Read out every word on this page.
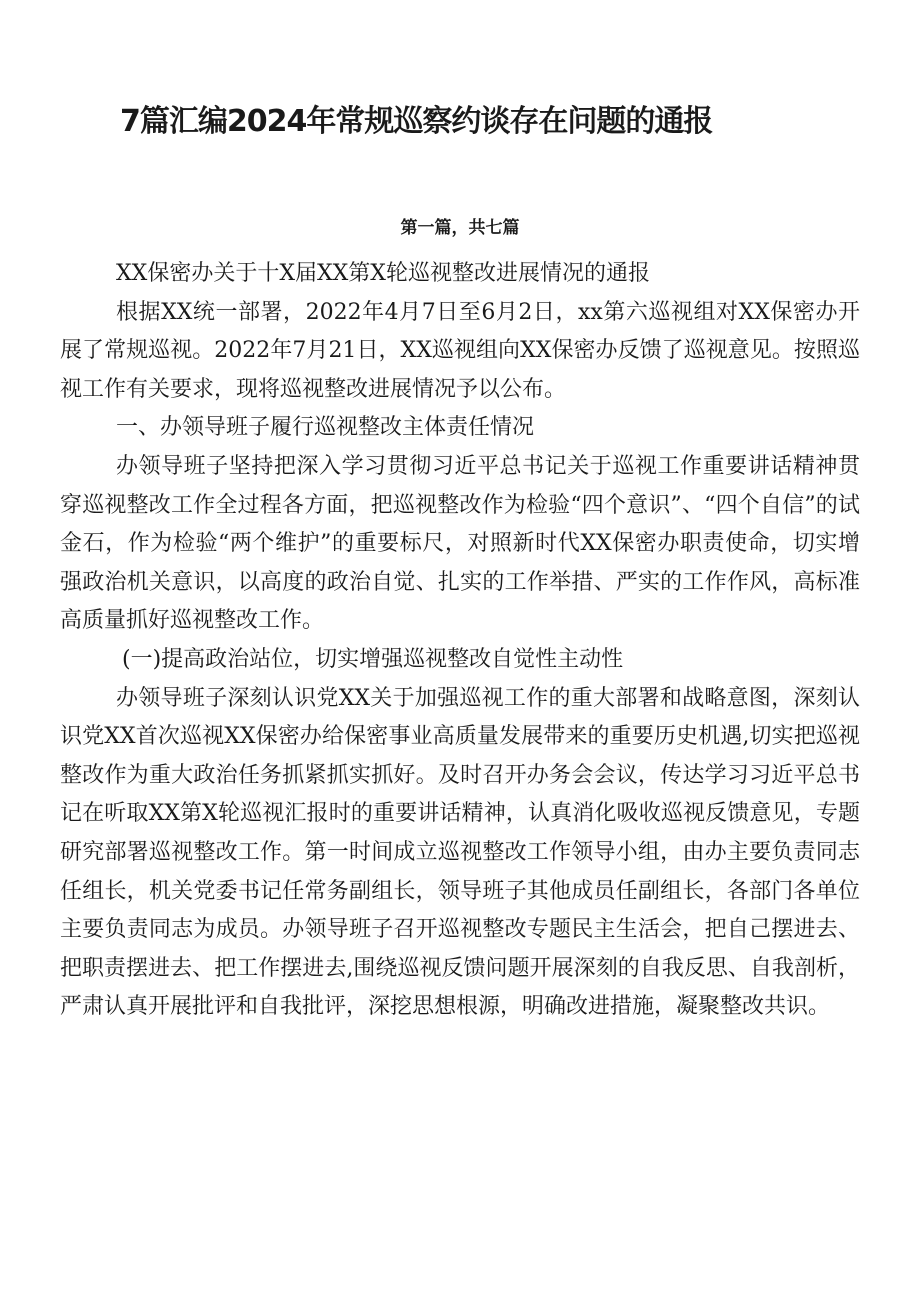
7篇汇编2024年常规巡察约谈存在问题的通报
第一篇，共七篇

XX保密办关于十X届XX第X轮巡视整改进展情况的通报

根据XX统一部署，2022年4月7日至6月2日，xx第六巡视组对XX保密办开展了常规巡视。2022年7月21日，XX巡视组向XX保密办反馈了巡视意见。按照巡视工作有关要求，现将巡视整改进展情况予以公布。

一、办领导班子履行巡视整改主体责任情况

办领导班子坚持把深入学习贯彻习近平总书记关于巡视工作重要讲话精神贯穿巡视整改工作全过程各方面，把巡视整改作为检验“四个意识”、“四个自信”的试金石，作为检验“两个维护”的重要标尺，对照新时代XX保密办职责使命，切实增强政治机关意识，以高度的政治自觉、扎实的工作举措、严实的工作作风，高标准高质量抓好巡视整改工作。

(一)提高政治站位，切实增强巡视整改自觉性主动性

办领导班子深刻认识党XX关于加强巡视工作的重大部署和战略意图，深刻认识党XX首次巡视XX保密办给保密事业高质量发展带来的重要历史机遇,切实把巡视整改作为重大政治任务抓紧抓实抓好。及时召开办务会会议，传达学习习近平总书记在听取XX第X轮巡视汇报时的重要讲话精神，认真消化吸收巡视反馈意见，专题研究部署巡视整改工作。第一时间成立巡视整改工作领导小组，由办主要负责同志任组长，机关党委书记任常务副组长，领导班子其他成员任副组长，各部门各单位主要负责同志为成员。办领导班子召开巡视整改专题民主生活会，把自己摆进去、把职责摆进去、把工作摆进去,围绕巡视反馈问题开展深刻的自我反思、自我剖析，严肃认真开展批评和自我批评，深挖思想根源，明确改进措施，凝聚整改共识。
